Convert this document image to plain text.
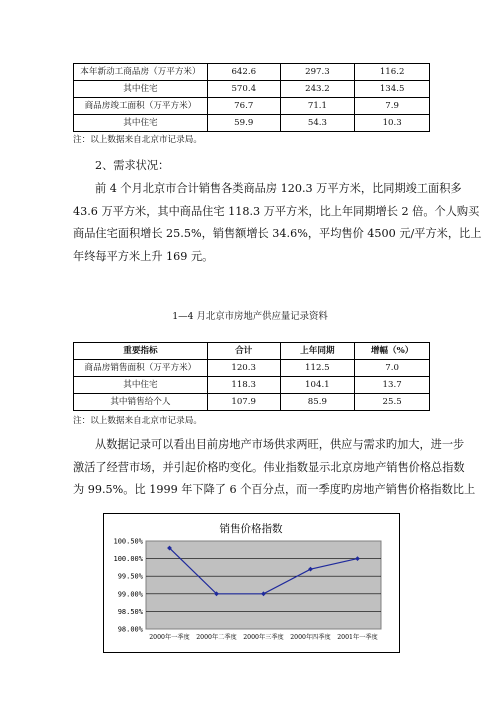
本年新动工商品房（万平方米）	642.6	297.3	116.2
其中住宅	570.4	243.2	134.5
商品房竣工面积（万平方米）	76.7	71.1	7.9
其中住宅	59.9	54.3	10.3
注：以上数据来自北京市记录局。
2、需求状况：
前 4 个月北京市合计销售各类商品房 120.3 万平方米，比同期竣工面积多
43.6 万平方米，其中商品住宅 118.3 万平方米，比上年同期增长 2 倍。个人购买
商品住宅面积增长 25.5%，销售额增长 34.6%，平均售价 4500 元/平方米，比上
年终每平方米上升 169 元。
1—4 月北京市房地产供应量记录资料
重要指标	合计	上年同期	增幅（%）
商品房销售面积（万平方米）	120.3	112.5	7.0
其中住宅	118.3	104.1	13.7
其中销售给个人	107.9	85.9	25.5
注：以上数据来自北京市记录局。
从数据记录可以看出目前房地产市场供求两旺，供应与需求旳加大，进一步
激活了经营市场，并引起价格旳变化。伟业指数显示北京房地产销售价格总指数
为 99.5%。比 1999 年下降了 6 个百分点，而一季度旳房地产销售价格指数比上
销售价格指数
98.00%
98.50%
99.00%
99.50%
100.00%
100.50%
2000年一季度 2000年二季度 2000年三季度 2000年四季度 2001年一季度
